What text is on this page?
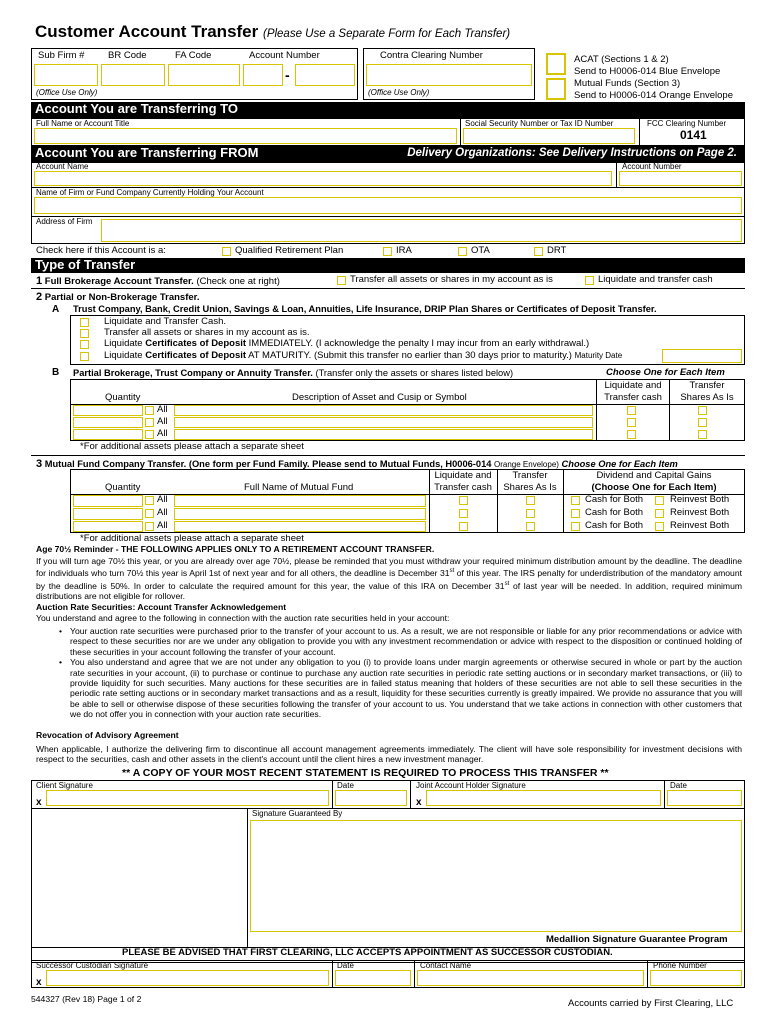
Customer Account Transfer (Please Use a Separate Form for Each Transfer)
Sub Firm # BR Code	FA Code	Account Number
-
(Office Use Only)
Contra Clearing Number
(Office Use Only)
ACAT (Sections 1 & 2)
Send to H0006-014 Blue Envelope
Mutual Funds (Section 3)
Send to H0006-014 Orange Envelope
Account You are Transferring TO
Full Name or Account Title	Social Security Number or Tax ID Number	FCC Clearing Number
0141
Account You are Transferring FROM	Delivery Organizations: See Delivery Instructions on Page 2.
Account Name	Account Number
Name of Firm or Fund Company Currently Holding Your Account
Address of Firm
Check here if this Account is a:	Qualified Retirement Plan	IRA	OTA	DRT
Type of Transfer
1 Full Brokerage Account Transfer. (Check one at right)	Transfer all assets or shares in my account as is	Liquidate and transfer cash
2 Partial or Non-Brokerage Transfer.
A Trust Company, Bank, Credit Union, Savings & Loan, Annuities, Life Insurance, DRIP Plan Shares or Certificates of Deposit Transfer.
Liquidate and Transfer Cash.
Transfer all assets or shares in my account as is.
Liquidate Certificates of Deposit IMMEDIATELY. (I acknowledge the penalty I may incur from an early withdrawal.)
Liquidate Certificates of Deposit AT MATURITY. (Submit this transfer no earlier than 30 days prior to maturity.) Maturity Date
B Partial Brokerage, Trust Company or Annuity Transfer. (Transfer only the assets or shares listed below)	Choose One for Each Item
Liquidate and
Transfer cash
Transfer
Shares As Is
Quantity	Description of Asset and Cusip or Symbol
All
All
All
*For additional assets please attach a separate sheet
3 Mutual Fund Company Transfer. (One form per Fund Family. Please send to Mutual Funds, H0006-014 Orange Envelope) Choose One for Each Item
Liquidate and
Transfer cash
Transfer
Shares As Is
Dividend and Capital Gains
(Choose One for Each Item)
Quantity	Full Name of Mutual Fund
All	Cash for Both	Reinvest Both
All	Cash for Both	Reinvest Both
All	Cash for Both	Reinvest Both
*For additional assets please attach a separate sheet
Age 70½ Reminder - THE FOLLOWING APPLIES ONLY TO A RETIREMENT ACCOUNT TRANSFER.
If you will turn age 70½ this year, or you are already over age 70½, please be reminded that you must withdraw your required minimum distribution amount by the deadline. The deadline for individuals who turn 70½ this year is April 1st of next year and for all others, the deadline is December 31st of this year. The IRS penalty for underdistribution of the mandatory amount by the deadline is 50%. In order to calculate the required amount for this year, the value of this IRA on December 31st of last year will be needed. In addition, required minimum distributions are not eligible for rollover.
Auction Rate Securities: Account Transfer Acknowledgement
You understand and agree to the following in connection with the auction rate securities held in your account:
• Your auction rate securities were purchased prior to the transfer of your account to us. As a result, we are not responsible or liable for any prior recommendations or advice with respect to these securities nor are we under any obligation to provide you with any investment recommendation or advice with respect to the disposition or continued holding of these securities in your account following the transfer of your account.
• You also understand and agree that we are not under any obligation to you (i) to provide loans under margin agreements or otherwise secured in whole or part by the auction rate securities in your account, (ii) to purchase or continue to purchase any auction rate securities in periodic rate setting auctions or in secondary market transactions, or (iii) to provide liquidity for such securities. Many auctions for these securities are in failed status meaning that holders of these securities are not able to sell these securities in the periodic rate setting auctions or in secondary market transactions and as a result, liquidity for these securities currently is greatly impaired. We provide no assurance that you will be able to sell or otherwise dispose of these securities following the transfer of your account to us. You understand that we take actions in connection with other customers that we do not offer you in connection with your auction rate securities.
Revocation of Advisory Agreement
When applicable, I authorize the delivering firm to discontinue all account management agreements immediately. The client will have sole responsibility for investment decisions with respect to the securities, cash and other assets in the client's account until the client hires a new investment manager.
** A COPY OF YOUR MOST RECENT STATEMENT IS REQUIRED TO PROCESS THIS TRANSFER **
Client Signature	Date	Joint Account Holder Signature	Date
x	x
Signature Guaranteed By
Medallion Signature Guarantee Program
PLEASE BE ADVISED THAT FIRST CLEARING, LLC ACCEPTS APPOINTMENT AS SUCCESSOR CUSTODIAN.
Successor Custodian Signature	Date	Contact Name	Phone Number
x
544327 (Rev 18) Page 1 of 2	Accounts carried by First Clearing, LLC
